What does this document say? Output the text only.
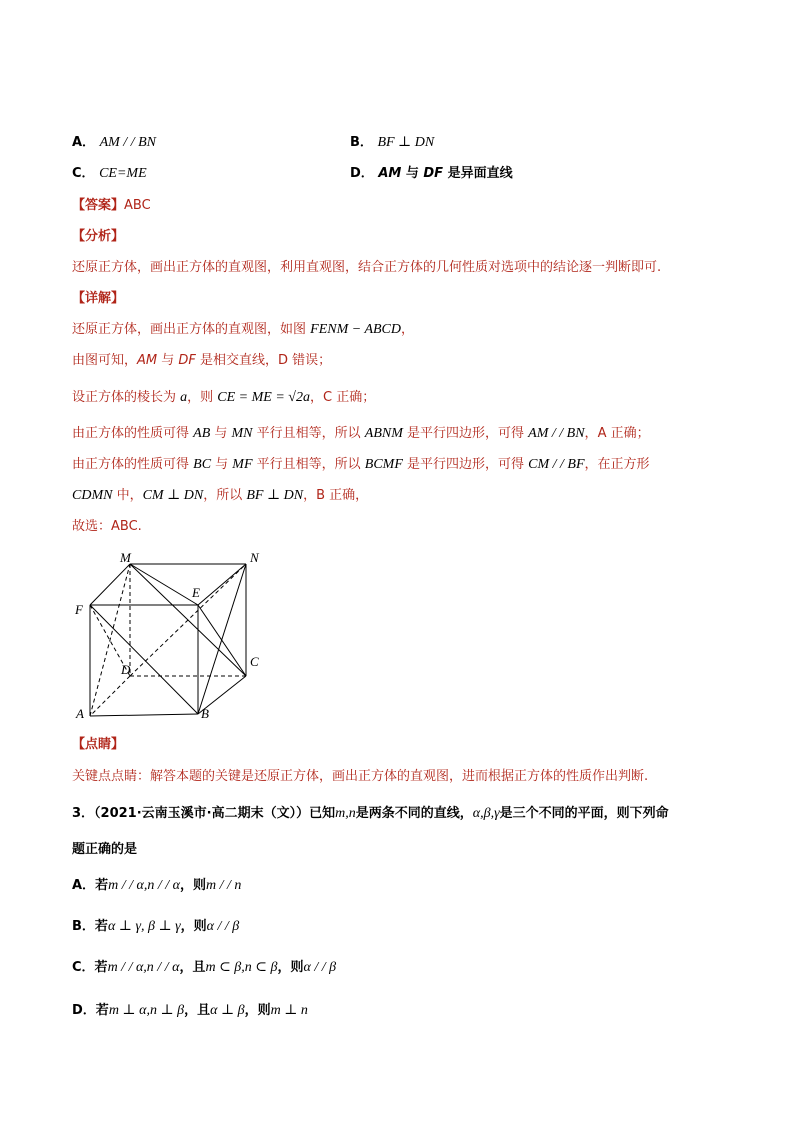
A． AM / / BN	B． BF ⊥ DN
C． CE=ME	D． AM 与 DF 是异面直线
【答案】ABC
【分析】
还原正方体，画出正方体的直观图，利用直观图，结合正方体的几何性质对选项中的结论逐一判断即可.
【详解】
还原正方体，画出正方体的直观图，如图 FENM − ABCD，
由图可知，AM 与 DF 是相交直线，D 错误；
设正方体的棱长为 a，则 CE = ME = √2a，C 正确；
由正方体的性质可得 AB 与 MN 平行且相等，所以 ABNM 是平行四边形，可得 AM / / BN，A 正确；
由正方体的性质可得 BC 与 MF 平行且相等，所以 BCMF 是平行四边形，可得 CM / / BF，在正方形
CDMN 中，CM ⊥ DN，所以 BF ⊥ DN，B 正确，
故选：ABC.
M	N
E
F
D
C
A	B
【点睛】
关键点点睛：解答本题的关键是还原正方体，画出正方体的直观图，进而根据正方体的性质作出判断.
3．（2021·云南玉溪市·高二期末（文））已知m,n是两条不同的直线，α,β,γ是三个不同的平面，则下列命
题正确的是
A．若m / / α,n / / α，则m / / n
B．若α ⊥ γ, β ⊥ γ，则α / / β
C．若m / / α,n / / α，且m ⊂ β,n ⊂ β，则α / / β
D．若m ⊥ α,n ⊥ β，且α ⊥ β，则m ⊥ n
